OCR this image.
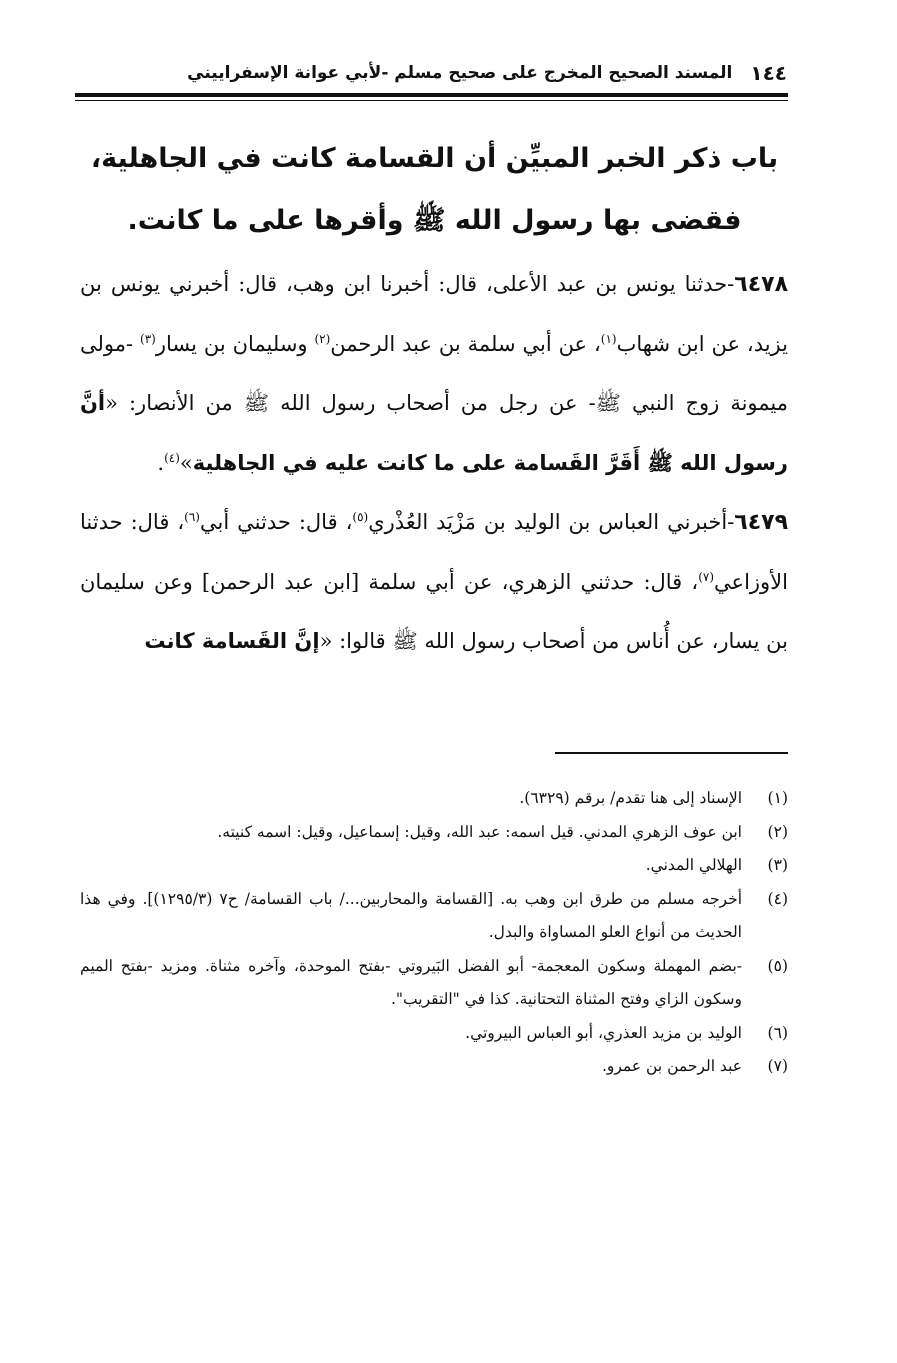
١٤٤
المسند الصحيح المخرج على صحيح مسلم -لأبي عوانة الإسفراييني
باب ذكر الخبر المبيِّن أن القسامة كانت في الجاهلية، فقضى بها رسول الله ﷺ وأقرها على ما كانت.

٦٤٧٨-حدثنا يونس بن عبد الأعلى، قال: أخبرنا ابن وهب، قال: أخبرني يونس بن يزيد، عن ابن شهاب$^{(١)}$، عن أبي سلمة بن عبد الرحمن$^{(٢)}$ وسليمان بن يسار$^{(٣)}$ -مولى ميمونة زوج النبي ﷺ- عن رجل من أصحاب رسول الله ﷺ من الأنصار: «أنَّ رسول الله ﷺ أَقَرَّ القَسامة على ما كانت عليه في الجاهلية»$^{(٤)}$.

٦٤٧٩-أخبرني العباس بن الوليد بن مَزْيَد العُذْري$^{(٥)}$، قال: حدثني أبي$^{(٦)}$، قال: حدثنا الأوزاعي$^{(٧)}$، قال: حدثني الزهري، عن أبي سلمة [ابن عبد الرحمن] وعن سليمان بن يسار، عن أُناس من أصحاب رسول الله ﷺ قالوا: «إنَّ القَسامة كانت

(١)
الإسناد إلى هنا تقدم/ برقم (٦٣٢٩).
(٢)
ابن عوف الزهري المدني. قيل اسمه: عبد الله، وقيل: إسماعيل، وقيل: اسمه كنيته.
(٣)
الهلالي المدني.
(٤)
أخرجه مسلم من طرق ابن وهب به. [القسامة والمحاربين.../ باب القسامة/ ح٧ (١٢٩٥/٣)]. وفي هذا الحديث من أنواع العلو المساواة والبدل.
(٥)
-بضم المهملة وسكون المعجمة- أبو الفضل البَيروتي -بفتح الموحدة، وآخره مثناة. ومزيد -بفتح الميم وسكون الزاي وفتح المثناة التحتانية. كذا في "التقريب".
(٦)
الوليد بن مزيد العذري، أبو العباس البيروتي.
(٧)
عبد الرحمن بن عمرو.
